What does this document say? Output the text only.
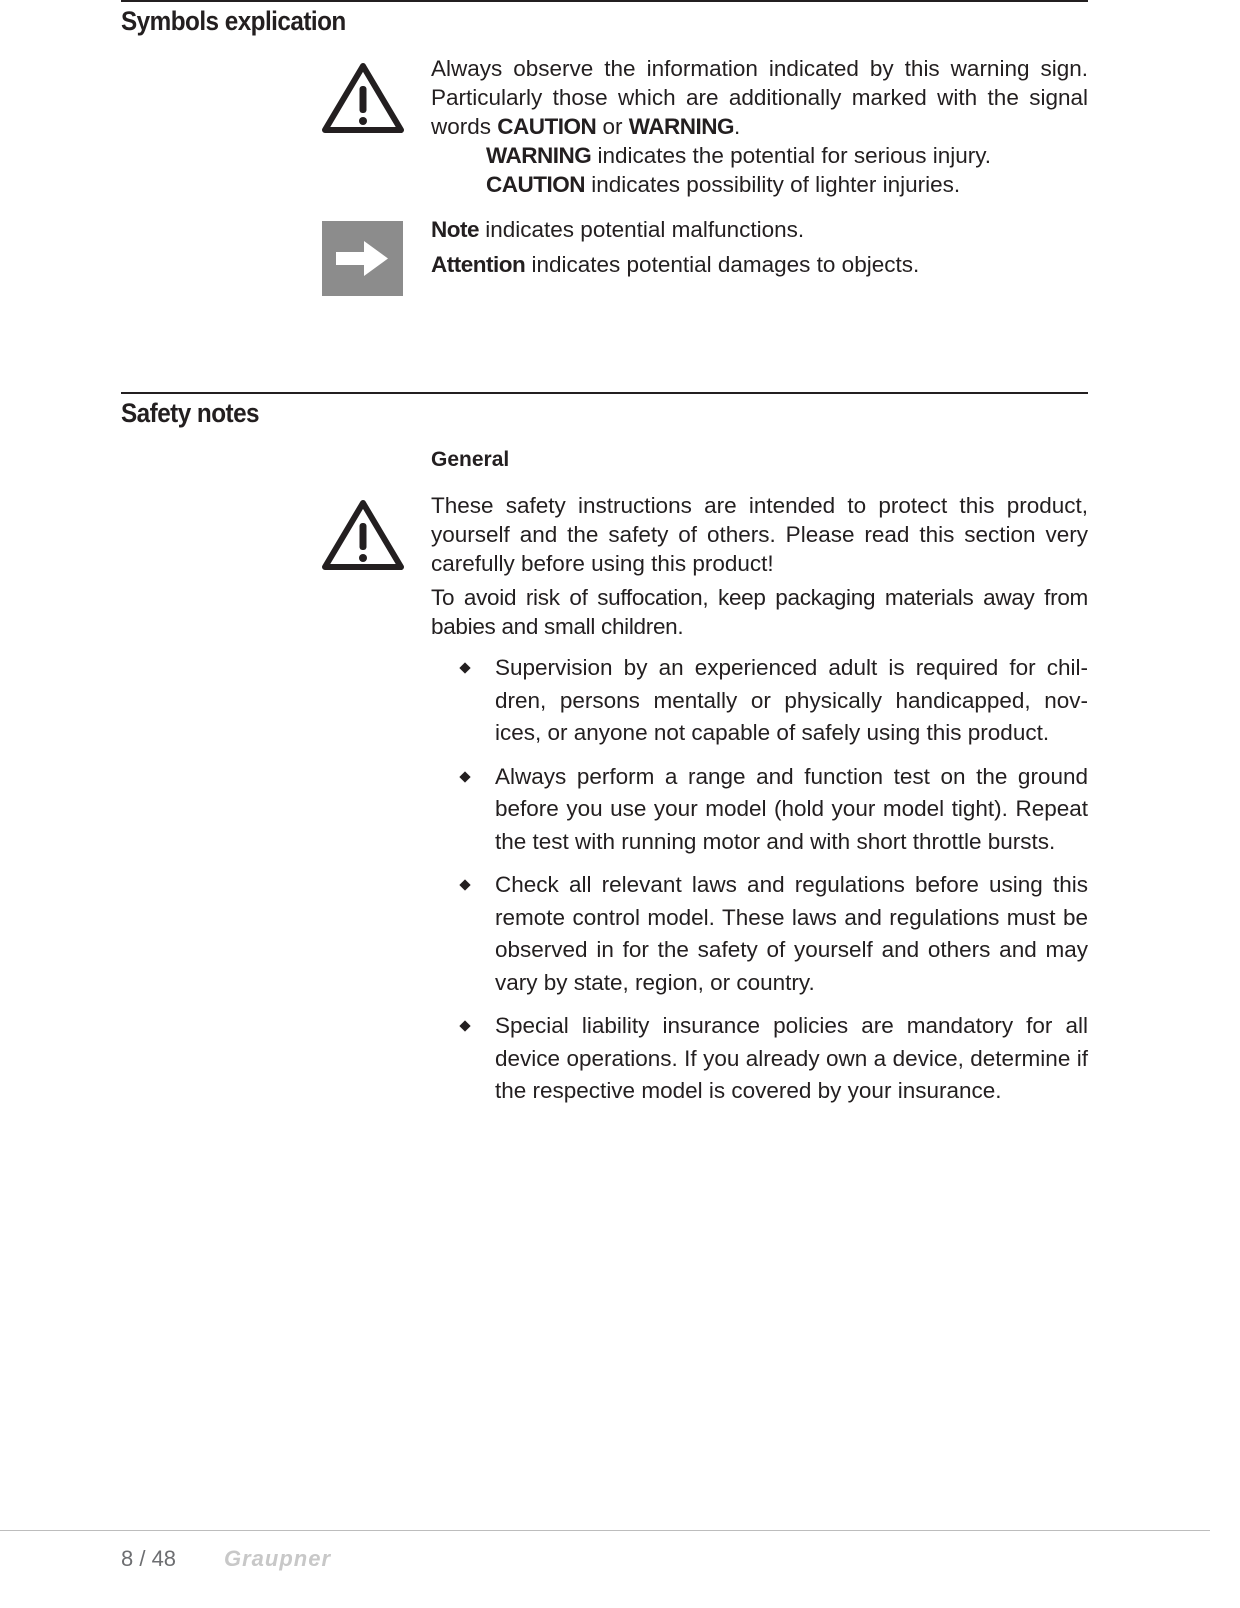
Symbols explication
Always observe the information indicated by this warning sign. Particularly those which are additionally marked with the signal words CAUTION or WARNING.
WARNING indicates the potential for serious injury.
CAUTION indicates possibility of lighter injuries.
Note indicates potential malfunctions.
Attention indicates potential damages to objects.
Safety notes
General
These safety instructions are intended to protect this product, yourself and the safety of others. Please read this section very carefully before using this product!
To avoid risk of suffocation, keep packaging materials away from babies and small children.
Supervision by an experienced adult is required for chil-dren, persons mentally or physically handicapped, nov-ices, or anyone not capable of safely using this product.
Always perform a range and function test on the ground before you use your model (hold your model tight). Repeat the test with running motor and with short throttle bursts.
Check all relevant laws and regulations before using this remote control model. These laws and regulations must be observed in for the safety of yourself and others and may vary by state, region, or country.
Special liability insurance policies are mandatory for all device operations. If you already own a device, determine if the respective model is covered by your insurance.
8 / 48 Graupner
